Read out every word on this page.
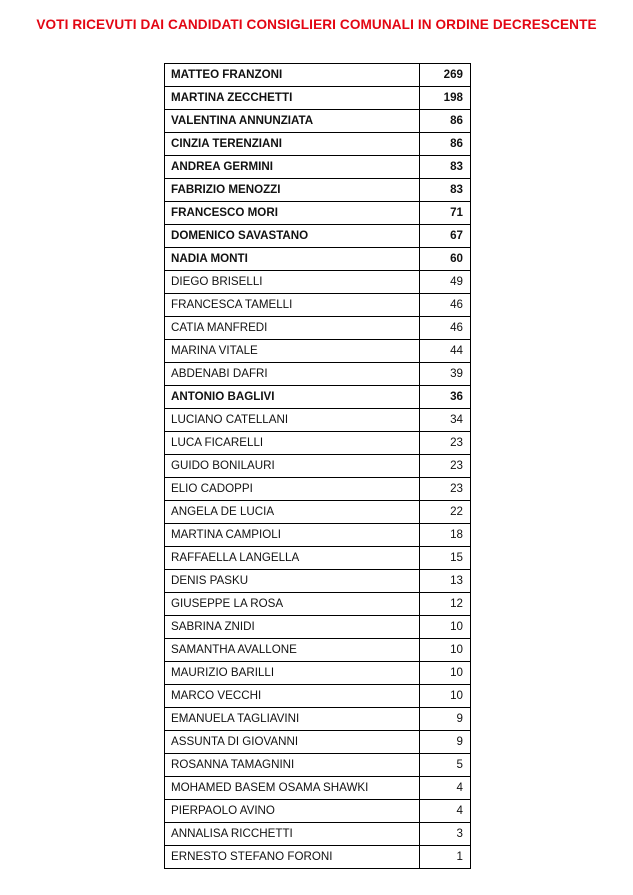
VOTI RICEVUTI DAI CANDIDATI CONSIGLIERI COMUNALI IN ORDINE DECRESCENTE
MATTEO FRANZONI	269
MARTINA ZECCHETTI	198
VALENTINA ANNUNZIATA	86
CINZIA TERENZIANI	86
ANDREA GERMINI	83
FABRIZIO MENOZZI	83
FRANCESCO MORI	71
DOMENICO SAVASTANO	67
NADIA MONTI	60
DIEGO BRISELLI	49
FRANCESCA TAMELLI	46
CATIA MANFREDI	46
MARINA VITALE	44
ABDENABI DAFRI	39
ANTONIO BAGLIVI	36
LUCIANO CATELLANI	34
LUCA FICARELLI	23
GUIDO BONILAURI	23
ELIO CADOPPI	23
ANGELA DE LUCIA	22
MARTINA CAMPIOLI	18
RAFFAELLA LANGELLA	15
DENIS PASKU	13
GIUSEPPE LA ROSA	12
SABRINA ZNIDI	10
SAMANTHA AVALLONE	10
MAURIZIO BARILLI	10
MARCO VECCHI	10
EMANUELA TAGLIAVINI	9
ASSUNTA DI GIOVANNI	9
ROSANNA TAMAGNINI	5
MOHAMED BASEM OSAMA SHAWKI	4
PIERPAOLO AVINO	4
ANNALISA RICCHETTI	3
ERNESTO STEFANO FORONI	1
